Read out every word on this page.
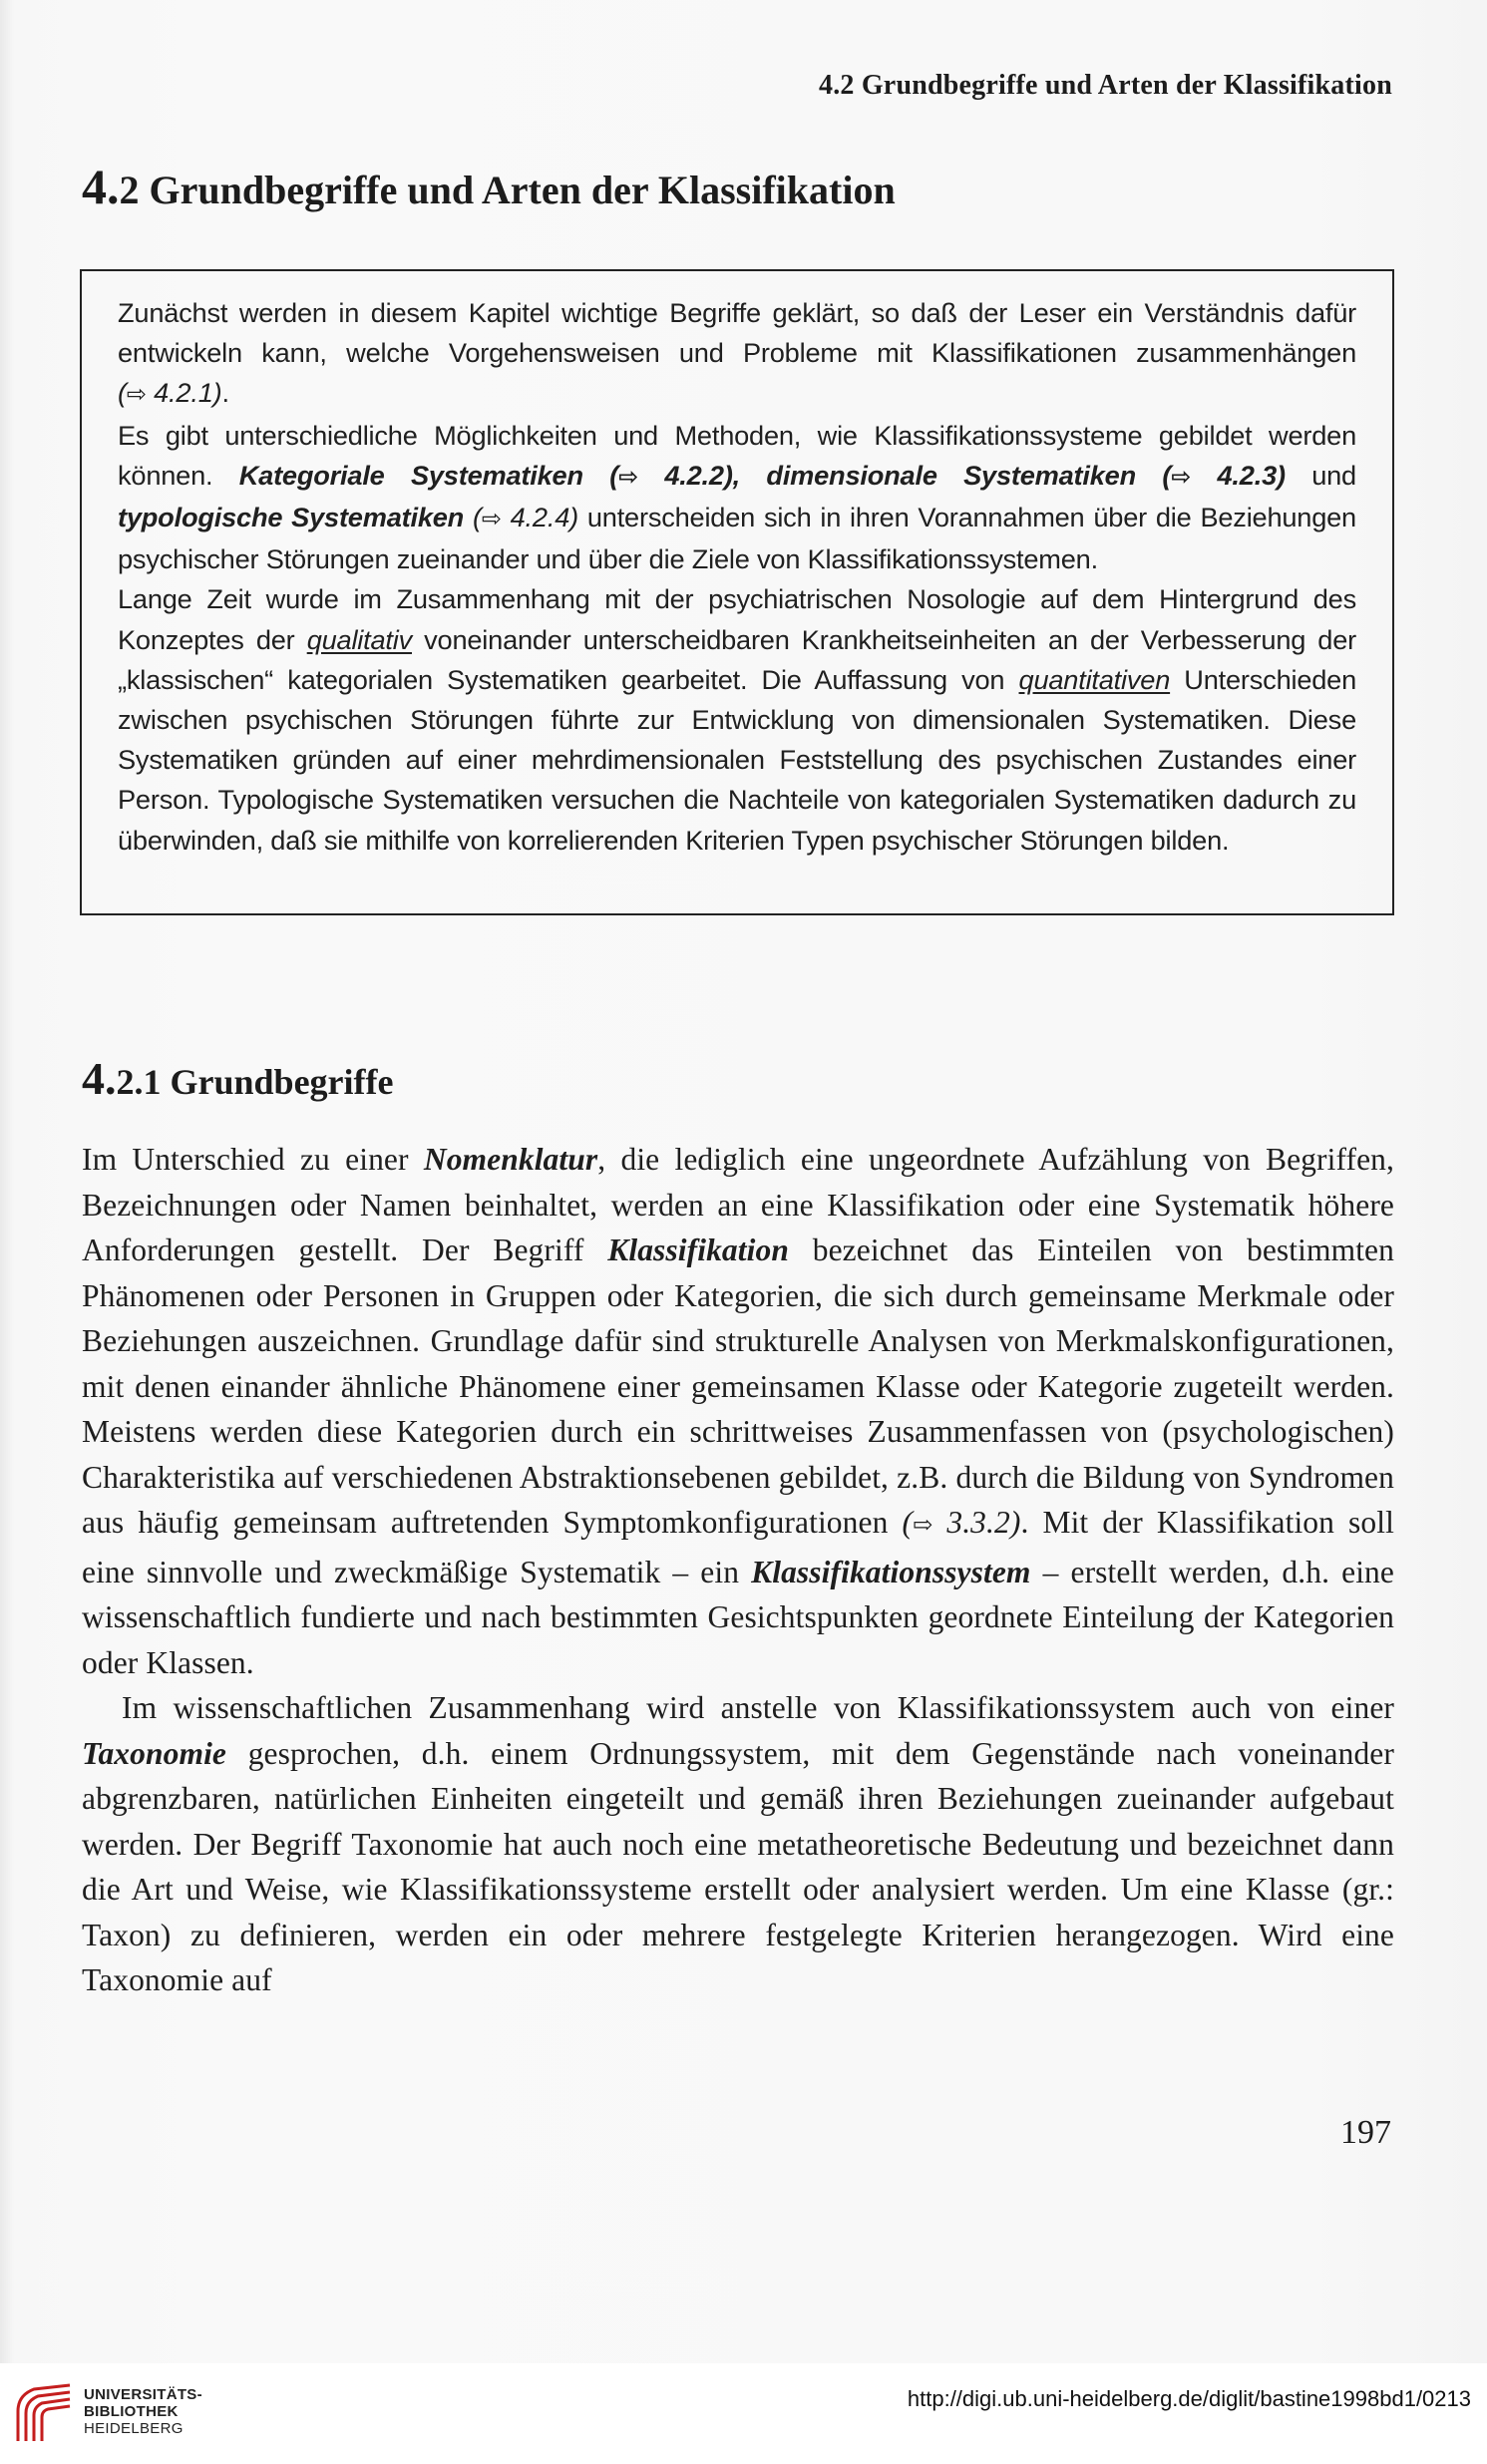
4.2 Grundbegriffe und Arten der Klassifikation
4.2 Grundbegriffe und Arten der Klassifikation

Zunächst werden in diesem Kapitel wichtige Begriffe geklärt, so daß der Leser ein Verständnis dafür entwickeln kann, welche Vorgehensweisen und Probleme mit Klassifikationen zusammenhängen (⇨ 4.2.1).

Es gibt unterschiedliche Möglichkeiten und Methoden, wie Klassifikationssysteme gebildet werden können. Kategoriale Systematiken (⇨ 4.2.2), dimensionale Systematiken (⇨ 4.2.3) und typologische Systematiken (⇨ 4.2.4) unterscheiden sich in ihren Vorannahmen über die Beziehungen psychischer Störungen zueinander und über die Ziele von Klassifikationssystemen.

Lange Zeit wurde im Zusammenhang mit der psychiatrischen Nosologie auf dem Hintergrund des Konzeptes der qualitativ voneinander unterscheidbaren Krankheitseinheiten an der Verbesserung der „klassischen“ kategorialen Systematiken gearbeitet. Die Auffassung von quantitativen Unterschieden zwischen psychischen Störungen führte zur Entwicklung von dimensionalen Systematiken. Diese Systematiken gründen auf einer mehrdimensionalen Feststellung des psychischen Zustandes einer Person. Typologische Systematiken versuchen die Nachteile von kategorialen Systematiken dadurch zu überwinden, daß sie mithilfe von korrelierenden Kriterien Typen psychischer Störungen bilden.

4.2.1 Grundbegriffe

Im Unterschied zu einer Nomenklatur, die lediglich eine ungeordnete Aufzählung von Begriffen, Bezeichnungen oder Namen beinhaltet, werden an eine Klassifikation oder eine Systematik höhere Anforderungen gestellt. Der Begriff Klassifikation bezeichnet das Einteilen von bestimmten Phänomenen oder Personen in Gruppen oder Kategorien, die sich durch gemeinsame Merkmale oder Beziehungen auszeichnen. Grundlage dafür sind strukturelle Analysen von Merkmalskonfigurationen, mit denen einander ähnliche Phänomene einer gemeinsamen Klasse oder Kategorie zugeteilt werden. Meistens werden diese Kategorien durch ein schrittweises Zusammenfassen von (psychologischen) Charakteristika auf verschiedenen Abstraktionsebenen gebildet, z.B. durch die Bildung von Syndromen aus häufig gemeinsam auftretenden Symptomkonfigurationen (⇨ 3.3.2). Mit der Klassifikation soll eine sinnvolle und zweckmäßige Systematik – ein Klassifikationssystem – erstellt werden, d.h. eine wissenschaftlich fundierte und nach bestimmten Gesichtspunkten geordnete Einteilung der Kategorien oder Klassen.

Im wissenschaftlichen Zusammenhang wird anstelle von Klassifikationssystem auch von einer Taxonomie gesprochen, d.h. einem Ordnungssystem, mit dem Gegenstände nach voneinander abgrenzbaren, natürlichen Einheiten eingeteilt und gemäß ihren Beziehungen zueinander aufgebaut werden. Der Begriff Taxonomie hat auch noch eine metatheoretische Bedeutung und bezeichnet dann die Art und Weise, wie Klassifikationssysteme erstellt oder analysiert werden. Um eine Klasse (gr.: Taxon) zu definieren, werden ein oder mehrere festgelegte Kriterien herangezogen. Wird eine Taxonomie auf

197
UNIVERSITÄTS-
BIBLIOTHEK
HEIDELBERG
http://digi.ub.uni-heidelberg.de/diglit/bastine1998bd1/0213
